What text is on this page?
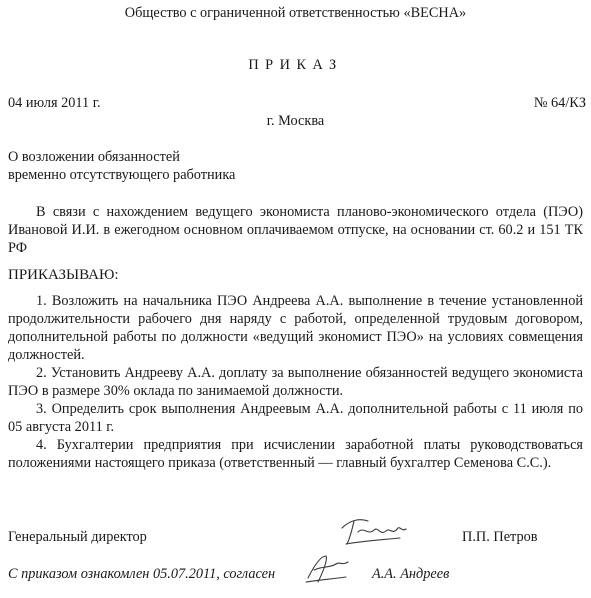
Общество с ограниченной ответственностью «ВЕСНА»
ПРИКАЗ
04 июля 2011 г.	№ 64/КЗ
г. Москва
О возложении обязанностей
временно отсутствующего работника
В связи с нахождением ведущего экономиста планово-экономического отдела (ПЭО) Ивановой И.И. в ежегодном основном оплачиваемом отпуске, на основании ст. 60.2 и 151 ТК РФ
ПРИКАЗЫВАЮ:
1. Возложить на начальника ПЭО Андреева А.А. выполнение в течение установленной продолжительности рабочего дня наряду с работой, определенной трудовым договором, дополнительной работы по должности «ведущий экономист ПЭО» на условиях совмещения должностей.
2. Установить Андрееву А.А. доплату за выполнение обязанностей ведущего экономиста ПЭО в размере 30% оклада по занимаемой должности.
3. Определить срок выполнения Андреевым А.А. дополнительной работы с 11 июля по 05 августа 2011 г.
4. Бухгалтерии предприятия при исчислении заработной платы руководствоваться положениями настоящего приказа (ответственный — главный бухгалтер Семенова С.С.).
Генеральный директор	П.П. Петров
С приказом ознакомлен 05.07.2011, согласен	А.А. Андреев
